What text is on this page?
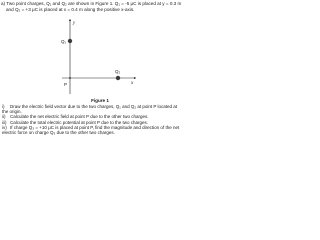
a) Two point charges, Q₁ and Q₂ are shown in Figure 1. Q₁ = -5 μC is placed at y = 0.3 m
and Q₂ = +3 μC is placed at x = 0.4 m along the positive x-axis.
y
x
Q₁
Q₂
P
Figure 1
i)	Draw the electric field vector due to the two charges, Q₁ and Q₂ at point P located at
the origin.
ii)	Calculate the net electric field at point P due to the other two charges.
iii) Calculate the total electric potential at point P due to the two charges.
iv) If charge Q₃ = +10 μC is placed at point P, find the magnitude and direction of the net
electric force on charge Q₃ due to the other two charges.
